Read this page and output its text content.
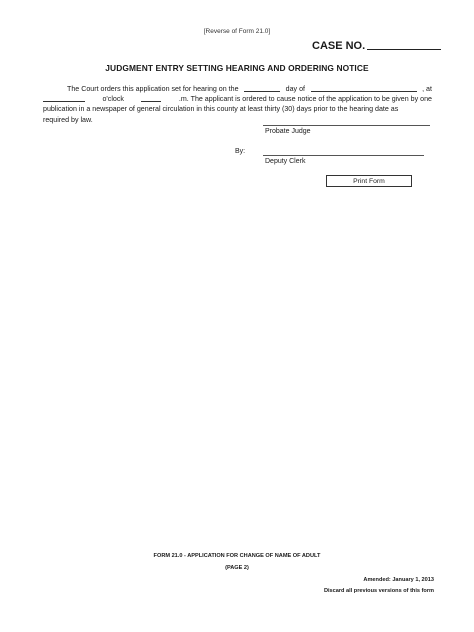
[Reverse of Form 21.0]
CASE NO.
JUDGMENT ENTRY SETTING HEARING AND ORDERING NOTICE
The Court orders this application set for hearing on the	day of	, at
o'clock	.m. The applicant is ordered to cause notice of the application to be given by one
publication in a newspaper of general circulation in this county at least thirty (30) days prior to the hearing date as
required by law.
Probate Judge
By:
Deputy Clerk
Print Form
FORM 21.0 - APPLICATION FOR CHANGE OF NAME OF ADULT
(PAGE 2)
Amended: January 1, 2013
Discard all previous versions of this form
